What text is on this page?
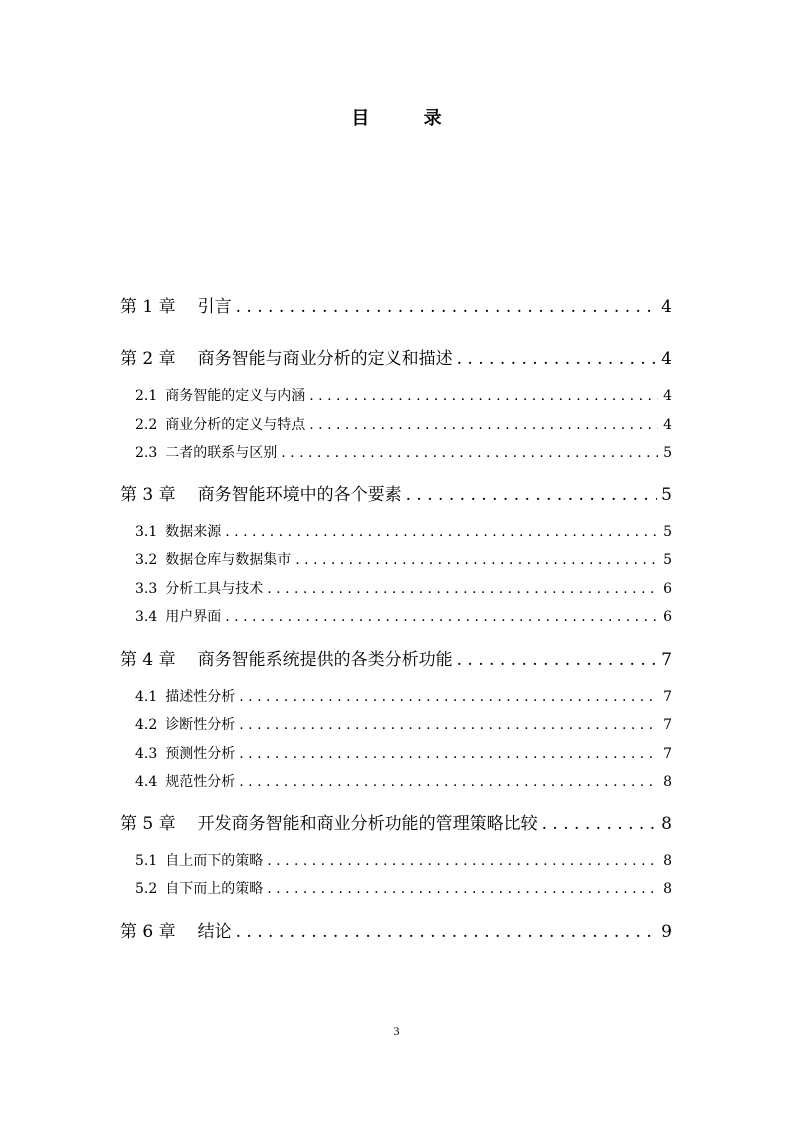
目 录
第 1 章 引言 . . .	4
第 2 章 商务智能与商业分析的定义和描述 . . .	4
2.1 商务智能的定义与内涵 . . .	4
2.2 商业分析的定义与特点 . . .	4
2.3 二者的联系与区别 . . .	5
第 3 章 商务智能环境中的各个要素 . . .	5
3.1 数据来源 . . .	5
3.2 数据仓库与数据集市 . . .	5
3.3 分析工具与技术 . . .	6
3.4 用户界面 . . .	6
第 4 章 商务智能系统提供的各类分析功能 . . .	7
4.1 描述性分析 . . .	7
4.2 诊断性分析 . . .	7
4.3 预测性分析 . . .	7
4.4 规范性分析 . . .	8
第 5 章 开发商务智能和商业分析功能的管理策略比较 . . .	8
5.1 自上而下的策略 . . .	8
5.2 自下而上的策略 . . .	8
第 6 章 结论 . . .	9
3
